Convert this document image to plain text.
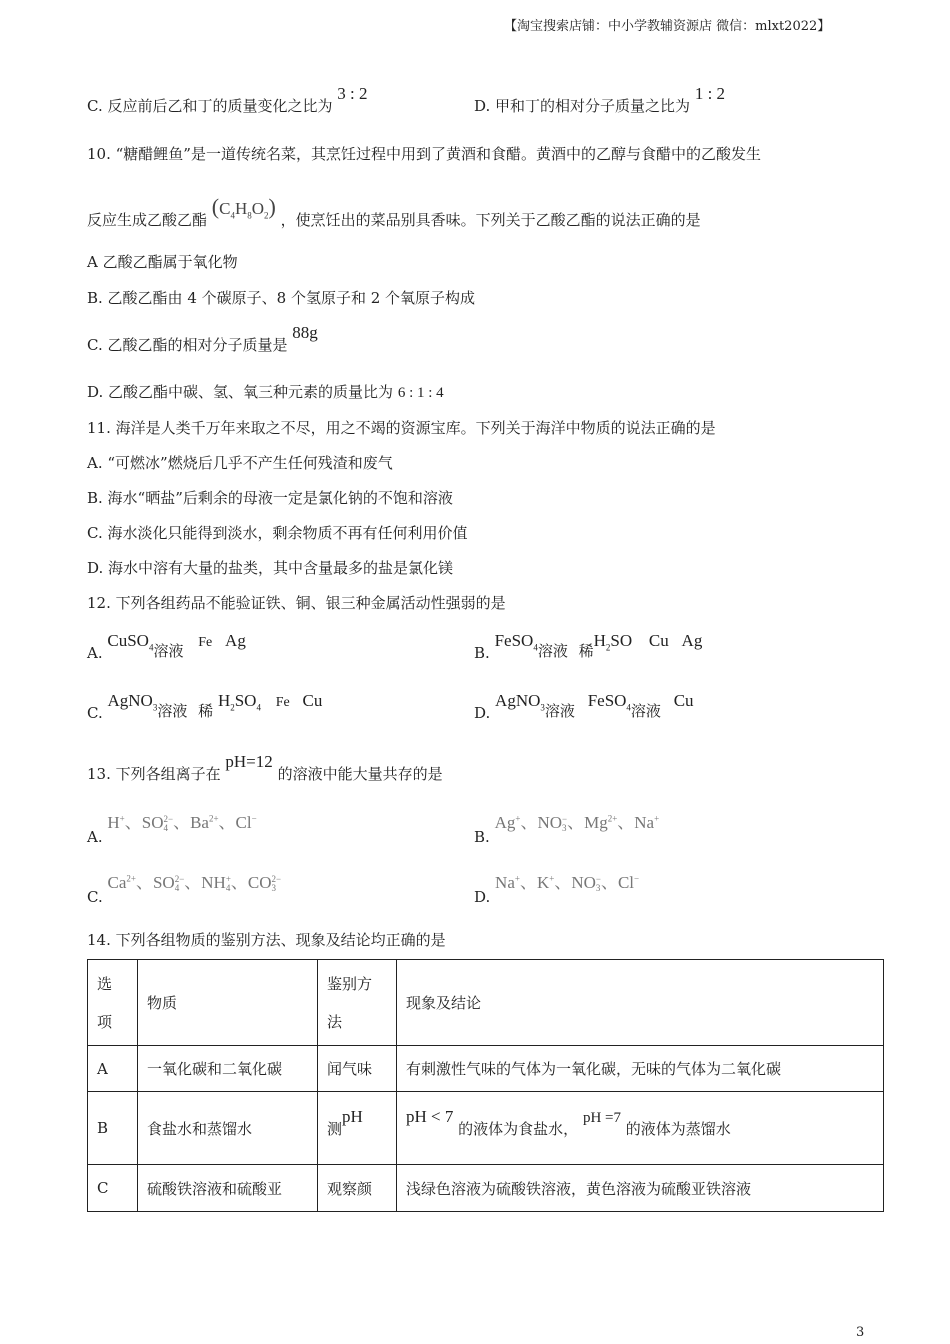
【淘宝搜索店铺：中小学教辅资源店 微信：mlxt2022】
C. 反应前后乙和丁的质量变化之比为 3 : 2
D. 甲和丁的相对分子质量之比为 1 : 2
10. “糖醋鲤鱼”是一道传统名菜，其烹饪过程中用到了黄酒和食醋。黄酒中的乙醇与食醋中的乙酸发生
反应生成乙酸乙酯 $(C_4H_8O_2)$ ，使烹饪出的菜品别具香味。下列关于乙酸乙酯的说法正确的是
A 乙酸乙酯属于氧化物
B. 乙酸乙酯由 4 个碳原子、8 个氢原子和 2 个氧原子构成
C. 乙酸乙酯的相对分子质量是 88g
D. 乙酸乙酯中碳、氢、氧三种元素的质量比为 6 : 1 : 4
11. 海洋是人类千万年来取之不尽，用之不竭的资源宝库。下列关于海洋中物质的说法正确的是
A. “可燃冰”燃烧后几乎不产生任何残渣和废气
B. 海水“晒盐”后剩余的母液一定是氯化钠的不饱和溶液
C. 海水淡化只能得到淡水，剩余物质不再有任何利用价值
D. 海水中溶有大量的盐类，其中含量最多的盐是氯化镁
12. 下列各组药品不能验证铁、铜、银三种金属活动性强弱的是
A. CuSO$_4$溶液 Fe Ag
B. FeSO$_4$溶液 稀$H_2SO$ Cu Ag
C. AgNO$_3$溶液 稀 $H_2SO_4$ Fe Cu
D. AgNO$_3$溶液 FeSO$_4$溶液 Cu
13. 下列各组离子在 pH=12 的溶液中能大量共存的是
A. H+、SO 2−
4 、$Ba^{2+}$、Cl−
B. Ag+、NO −
3 、$Mg^{2+}$、Na+
C. $Ca^{2+}$、SO 2−
4 、NH +
4 、CO 2−
3	D. Na+、K+、NO −
3 、Cl−
14. 下列各组物质的鉴别方法、现象及结论均正确的是
选
项	物质	鉴别方
法	现象及结论
A	一氧化碳和二氧化碳	闻气味	有刺激性气味的气体为一氧化碳，无味的气体为二氧化碳
B	食盐水和蒸馏水	测pH	pH < 7 的液体为食盐水， pH =7 的液体为蒸馏水
C	硫酸铁溶液和硫酸亚	观察颜	浅绿色溶液为硫酸铁溶液，黄色溶液为硫酸亚铁溶液
3
